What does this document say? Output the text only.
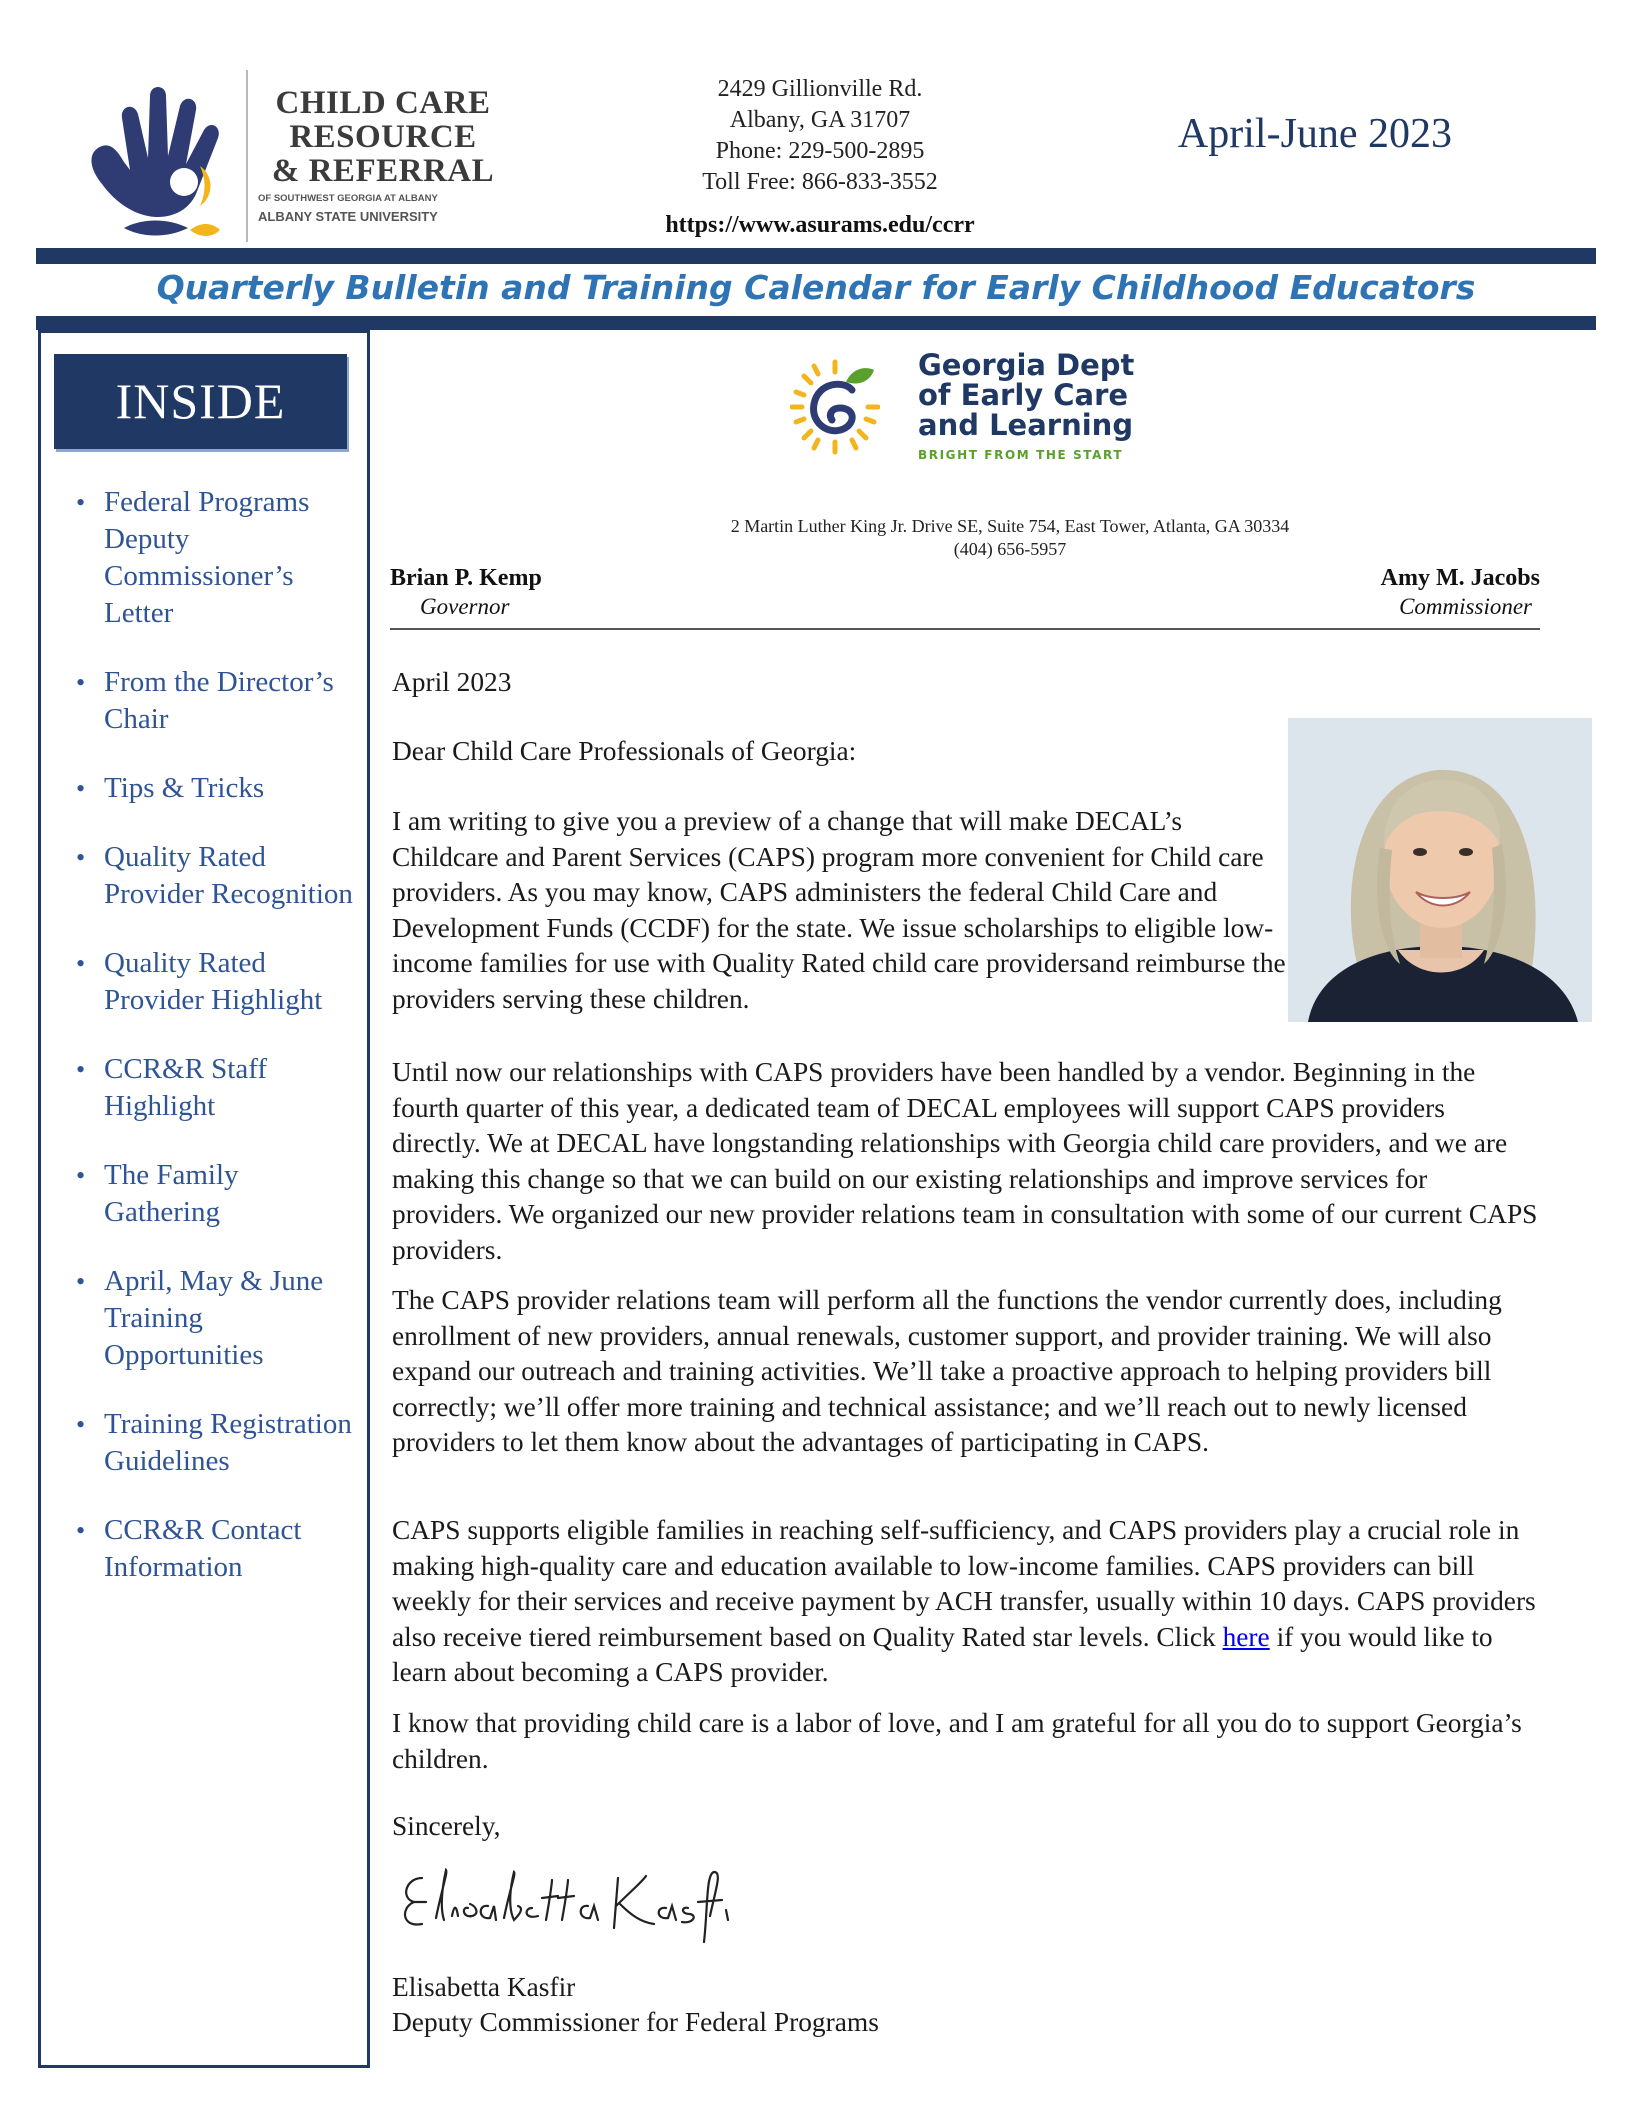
CHILD CARE
RESOURCE
& REFERRAL
OF SOUTHWEST GEORGIA AT ALBANY
ALBANY STATE UNIVERSITY
2429 Gillionville Rd.
Albany, GA 31707
Phone: 229-500-2895
Toll Free: 866-833-3552
https://www.asurams.edu/ccrr
April-June 2023
Quarterly Bulletin and Training Calendar for Early Childhood Educators
INSIDE
• Federal Programs Deputy Commissioner’s Letter
• From the Director’s Chair
• Tips & Tricks
• Quality Rated Provider Recognition
• Quality Rated Provider Highlight
• CCR&R Staff Highlight
• The Family Gathering
• April, May & June Training Opportunities
• Training Registration Guidelines
• CCR&R Contact Information
Georgia Dept
of Early Care
and Learning
BRIGHT FROM THE START
2 Martin Luther King Jr. Drive SE, Suite 754, East Tower, Atlanta, GA 30334
(404) 656-5957
Brian P. Kemp
Governor
Amy M. Jacobs
Commissioner
April 2023
Dear Child Care Professionals of Georgia:
I am writing to give you a preview of a change that will make DECAL’s Childcare and Parent Services (CAPS) program more convenient for Child care providers. As you may know, CAPS administers the federal Child Care and Development Funds (CCDF) for the state. We issue scholarships to eligible low-income families for use with Quality Rated child care providersand reimburse the providers serving these children.
Until now our relationships with CAPS providers have been handled by a vendor. Beginning in the fourth quarter of this year, a dedicated team of DECAL employees will support CAPS providers directly. We at DECAL have longstanding relationships with Georgia child care providers, and we are making this change so that we can build on our existing relationships and improve services for providers. We organized our new provider relations team in consultation with some of our current CAPS providers.
The CAPS provider relations team will perform all the functions the vendor currently does, including enrollment of new providers, annual renewals, customer support, and provider training. We will also expand our outreach and training activities. We’ll take a proactive approach to helping providers bill correctly; we’ll offer more training and technical assistance; and we’ll reach out to newly licensed providers to let them know about the advantages of participating in CAPS.
CAPS supports eligible families in reaching self-sufficiency, and CAPS providers play a crucial role in making high-quality care and education available to low-income families. CAPS providers can bill weekly for their services and receive payment by ACH transfer, usually within 10 days. CAPS providers also receive tiered reimbursement based on Quality Rated star levels. Click here if you would like to learn about becoming a CAPS provider.
I know that providing child care is a labor of love, and I am grateful for all you do to support Georgia’s children.
Sincerely,
Elisabetta Kasfir
Deputy Commissioner for Federal Programs
